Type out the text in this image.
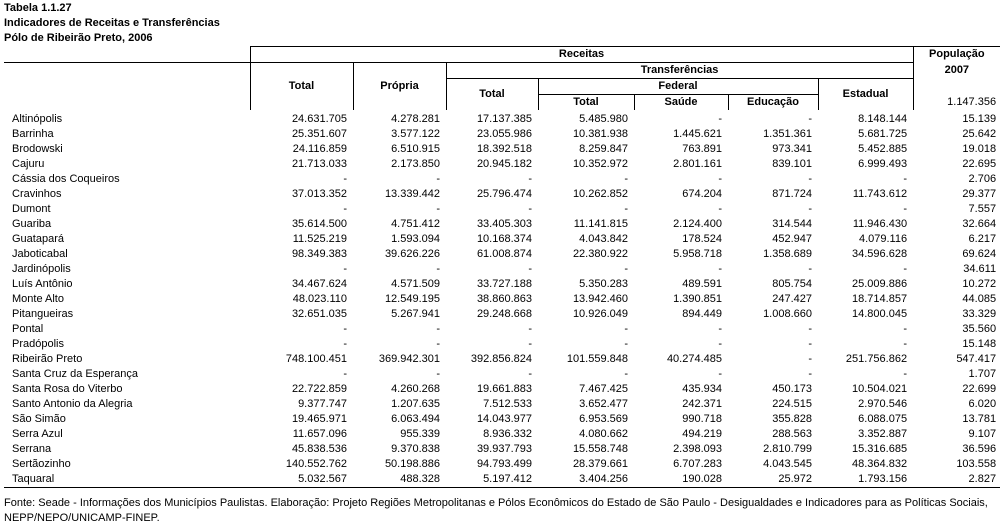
Tabela 1.1.27
Indicadores de Receitas e Transferências
Pólo de Ribeirão Preto, 2006
	Receitas							População
	Total	Própria	Transferências					2007
			Total	Federal			Estadual	1.147.356
				Total	Saúde	Educação		
Altinópolis	24.631.705	4.278.281	17.137.385	5.485.980	-	-	8.148.144	15.139
Barrinha	25.351.607	3.577.122	23.055.986	10.381.938	1.445.621	1.351.361	5.681.725	25.642
Brodowski	24.116.859	6.510.915	18.392.518	8.259.847	763.891	973.341	5.452.885	19.018
Cajuru	21.713.033	2.173.850	20.945.182	10.352.972	2.801.161	839.101	6.999.493	22.695
Cássia dos Coqueiros	-	-	-	-	-	-	-	2.706
Cravinhos	37.013.352	13.339.442	25.796.474	10.262.852	674.204	871.724	11.743.612	29.377
Dumont	-	-	-	-	-	-	-	7.557
Guariba	35.614.500	4.751.412	33.405.303	11.141.815	2.124.400	314.544	11.946.430	32.664
Guatapará	11.525.219	1.593.094	10.168.374	4.043.842	178.524	452.947	4.079.116	6.217
Jaboticabal	98.349.383	39.626.226	61.008.874	22.380.922	5.958.718	1.358.689	34.596.628	69.624
Jardinópolis	-	-	-	-	-	-	-	34.611
Luís Antônio	34.467.624	4.571.509	33.727.188	5.350.283	489.591	805.754	25.009.886	10.272
Monte Alto	48.023.110	12.549.195	38.860.863	13.942.460	1.390.851	247.427	18.714.857	44.085
Pitangueiras	32.651.035	5.267.941	29.248.668	10.926.049	894.449	1.008.660	14.800.045	33.329
Pontal	-	-	-	-	-	-	-	35.560
Pradópolis	-	-	-	-	-	-	-	15.148
Ribeirão Preto	748.100.451	369.942.301	392.856.824	101.559.848	40.274.485	-	251.756.862	547.417
Santa Cruz da Esperança	-	-	-	-	-	-	-	1.707
Santa Rosa do Viterbo	22.722.859	4.260.268	19.661.883	7.467.425	435.934	450.173	10.504.021	22.699
Santo Antonio da Alegria	9.377.747	1.207.635	7.512.533	3.652.477	242.371	224.515	2.970.546	6.020
São Simão	19.465.971	6.063.494	14.043.977	6.953.569	990.718	355.828	6.088.075	13.781
Serra Azul	11.657.096	955.339	8.936.332	4.080.662	494.219	288.563	3.352.887	9.107
Serrana	45.838.536	9.370.838	39.937.793	15.558.748	2.398.093	2.810.799	15.316.685	36.596
Sertãozinho	140.552.762	50.198.886	94.793.499	28.379.661	6.707.283	4.043.545	48.364.832	103.558
Taquaral	5.032.567	488.328	5.197.412	3.404.256	190.028	25.972	1.793.156	2.827
Fonte: Seade - Informações dos Municípios Paulistas. Elaboração: Projeto Regiões Metropolitanas e Pólos Econômicos do Estado de São Paulo - Desigualdades e Indicadores para as Políticas Sociais, NEPP/NEPO/UNICAMP-FINEP.
